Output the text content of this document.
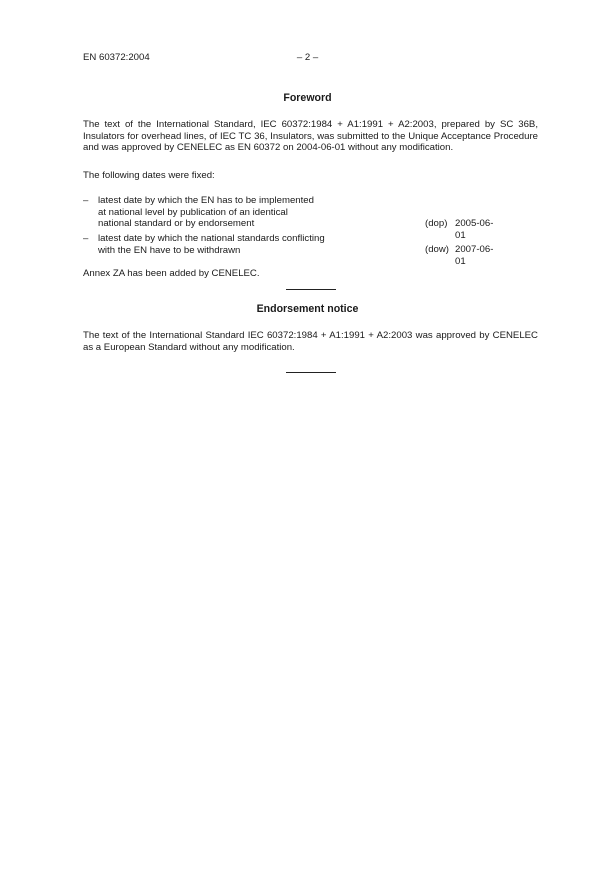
EN 60372:2004	– 2 –
Foreword
The text of the International Standard, IEC 60372:1984 + A1:1991 + A2:2003, prepared by SC 36B, Insulators for overhead lines, of IEC TC 36, Insulators, was submitted to the Unique Acceptance Procedure and was approved by CENELEC as EN 60372 on 2004-06-01 without any modification.
The following dates were fixed:
– latest date by which the EN has to be implemented
at national level by publication of an identical
national standard or by endorsement	(dop) 2005-06-01
– latest date by which the national standards conflicting
with the EN have to be withdrawn	(dow) 2007-06-01
Annex ZA has been added by CENELEC.
Endorsement notice
The text of the International Standard IEC 60372:1984 + A1:1991 + A2:2003 was approved by CENELEC as a European Standard without any modification.
